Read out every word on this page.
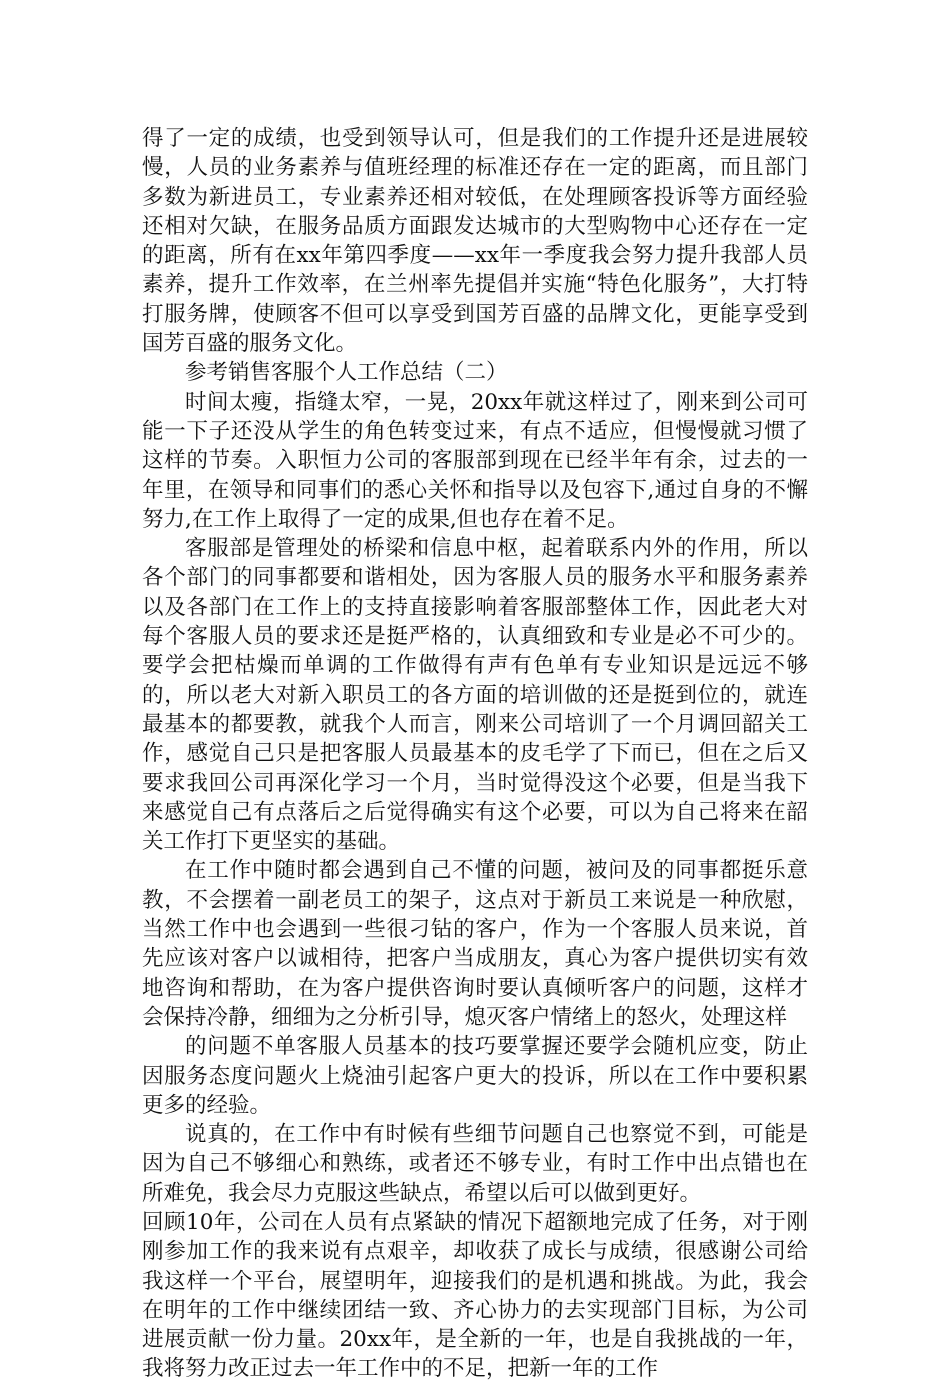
得了一定的成绩，也受到领导认可，但是我们的工作提升还是进展较慢，人员的业务素养与值班经理的标准还存在一定的距离，而且部门多数为新进员工，专业素养还相对较低，在处理顾客投诉等方面经验还相对欠缺，在服务品质方面跟发达城市的大型购物中心还存在一定的距离，所有在xx年第四季度——xx年一季度我会努力提升我部人员素养，提升工作效率，在兰州率先提倡并实施“特色化服务”，大打特打服务牌，使顾客不但可以享受到国芳百盛的品牌文化，更能享受到国芳百盛的服务文化。

参考销售客服个人工作总结（二）

时间太瘦，指缝太窄，一晃，20xx年就这样过了，刚来到公司可能一下子还没从学生的角色转变过来，有点不适应，但慢慢就习惯了这样的节奏。入职恒力公司的客服部到现在已经半年有余，过去的一年里，在领导和同事们的悉心关怀和指导以及包容下,通过自身的不懈努力,在工作上取得了一定的成果,但也存在着不足。

客服部是管理处的桥梁和信息中枢，起着联系内外的作用，所以各个部门的同事都要和谐相处，因为客服人员的服务水平和服务素养以及各部门在工作上的支持直接影响着客服部整体工作，因此老大对每个客服人员的要求还是挺严格的，认真细致和专业是必不可少的。要学会把枯燥而单调的工作做得有声有色单有专业知识是远远不够的，所以老大对新入职员工的各方面的培训做的还是挺到位的，就连最基本的都要教，就我个人而言，刚来公司培训了一个月调回韶关工作，感觉自己只是把客服人员最基本的皮毛学了下而已，但在之后又要求我回公司再深化学习一个月，当时觉得没这个必要，但是当我下来感觉自己有点落后之后觉得确实有这个必要，可以为自己将来在韶关工作打下更坚实的基础。

在工作中随时都会遇到自己不懂的问题，被问及的同事都挺乐意教，不会摆着一副老员工的架子，这点对于新员工来说是一种欣慰，当然工作中也会遇到一些很刁钻的客户，作为一个客服人员来说，首先应该对客户以诚相待，把客户当成朋友，真心为客户提供切实有效地咨询和帮助，在为客户提供咨询时要认真倾听客户的问题，这样才会保持冷静，细细为之分析引导，熄灭客户情绪上的怒火，处理这样

的问题不单客服人员基本的技巧要掌握还要学会随机应变，防止因服务态度问题火上烧油引起客户更大的投诉，所以在工作中要积累更多的经验。

说真的，在工作中有时候有些细节问题自己也察觉不到，可能是因为自己不够细心和熟练，或者还不够专业，有时工作中出点错也在所难免，我会尽力克服这些缺点，希望以后可以做到更好。

回顾10年，公司在人员有点紧缺的情况下超额地完成了任务，对于刚刚参加工作的我来说有点艰辛，却收获了成长与成绩，很感谢公司给我这样一个平台，展望明年，迎接我们的是机遇和挑战。为此，我会在明年的工作中继续团结一致、齐心协力的去实现部门目标，为公司进展贡献一份力量。20xx年，是全新的一年，也是自我挑战的一年，我将努力改正过去一年工作中的不足，把新一年的工作
